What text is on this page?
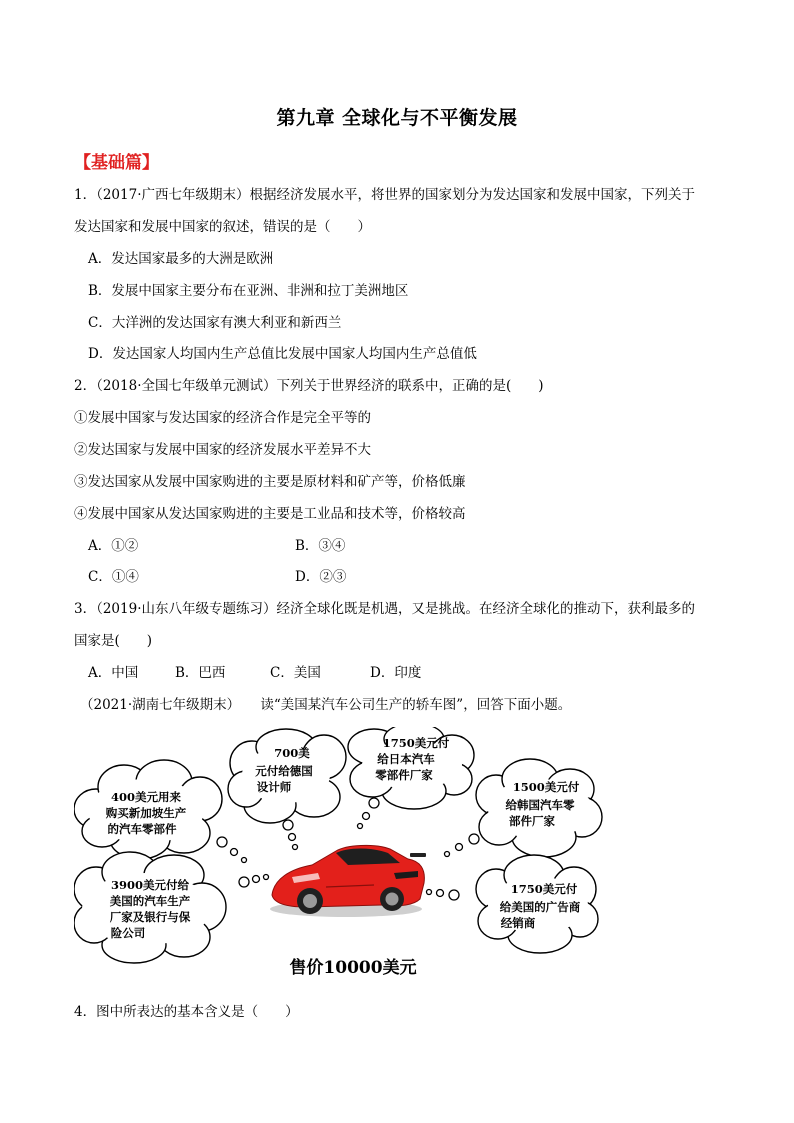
第九章 全球化与不平衡发展
【基础篇】
1．（2017·广西七年级期末）根据经济发展水平，将世界的国家划分为发达国家和发展中国家，下列关于
发达国家和发展中国家的叙述，错误的是（　　）
A．发达国家最多的大洲是欧洲
B．发展中国家主要分布在亚洲、非洲和拉丁美洲地区
C．大洋洲的发达国家有澳大利亚和新西兰
D．发达国家人均国内生产总值比发展中国家人均国内生产总值低
2．（2018·全国七年级单元测试）下列关于世界经济的联系中，正确的是(　　)
①发展中国家与发达国家的经济合作是完全平等的
②发达国家与发展中国家的经济发展水平差异不大
③发达国家从发展中国家购进的主要是原材料和矿产等，价格低廉
④发展中国家从发达国家购进的主要是工业品和技术等，价格较高
A．①②	B．③④
C．①④	D．②③
3．（2019·山东八年级专题练习）经济全球化既是机遇，又是挑战。在经济全球化的推动下，获利最多的
国家是(　　)
A．中国	B．巴西	C．美国	D．印度
（2021·湖南七年级期末）　　读“美国某汽车公司生产的轿车图”，回答下面小题。
400美元用来
购买新加坡生产
的汽车零部件
700美
元付给德国
设计师
1750美元付
给日本汽车
零部件厂家
1500美元付
给韩国汽车零
部件厂家
3900美元付给
美国的汽车生产
厂家及银行与保
险公司
1750美元付
给美国的广告商
经销商
售价10000美元
4．图中所表达的基本含义是（　　）
